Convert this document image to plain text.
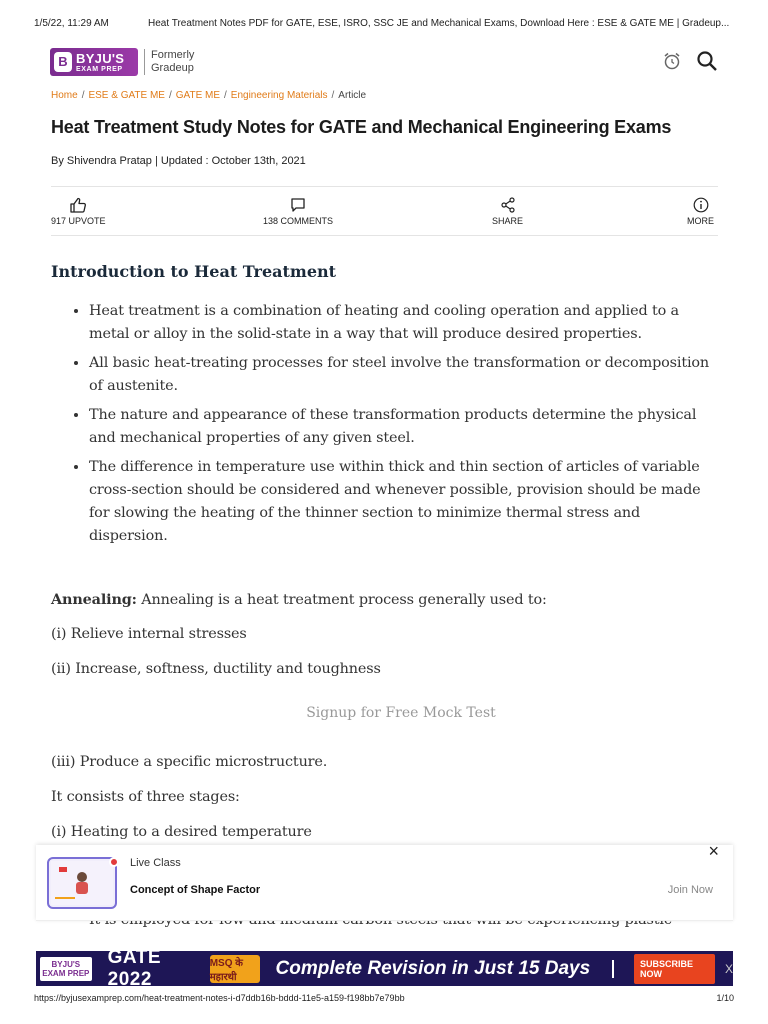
1/5/22, 11:29 AM	Heat Treatment Notes PDF for GATE, ESE, ISRO, SSC JE and Mechanical Exams, Download Here : ESE & GATE ME | Gradeup...
B BYJU'S
EXAM PREP
Formerly
Gradeup
Home / ESE & GATE ME / GATE ME / Engineering Materials / Article
Heat Treatment Study Notes for GATE and Mechanical Engineering Exams
By Shivendra Pratap | Updated : October 13th, 2021
917 UPVOTE	138 COMMENTS	SHARE	MORE
Introduction to Heat Treatment
• Heat treatment is a combination of heating and cooling operation and applied to a metal or alloy in the solid-state in a way that will produce desired properties.
• All basic heat-treating processes for steel involve the transformation or decomposition of austenite.
• The nature and appearance of these transformation products determine the physical and mechanical properties of any given steel.
• The difference in temperature use within thick and thin section of articles of variable cross-section should be considered and whenever possible, provision should be made for slowing the heating of the thinner section to minimize thermal stress and dispersion.

Annealing: Annealing is a heat treatment process generally used to:

(i) Relieve internal stresses

(ii) Increase, softness, ductility and toughness

Signup for Free Mock Test

(iii) Produce a specific microstructure.

It consists of three stages:

(i) Heating to a desired temperature

•
Live Class
Concept of Shape Factor	Join Now
×
BYJU'S
EXAM PREP
GATE 2022
MSQ के महारथी	Complete Revision in Just 15 Days	SUBSCRIBE NOW	X
https://byjusexamprep.com/heat-treatment-notes-i-d7ddb16b-bddd-11e5-a159-f198bb7e79bb	1/10
